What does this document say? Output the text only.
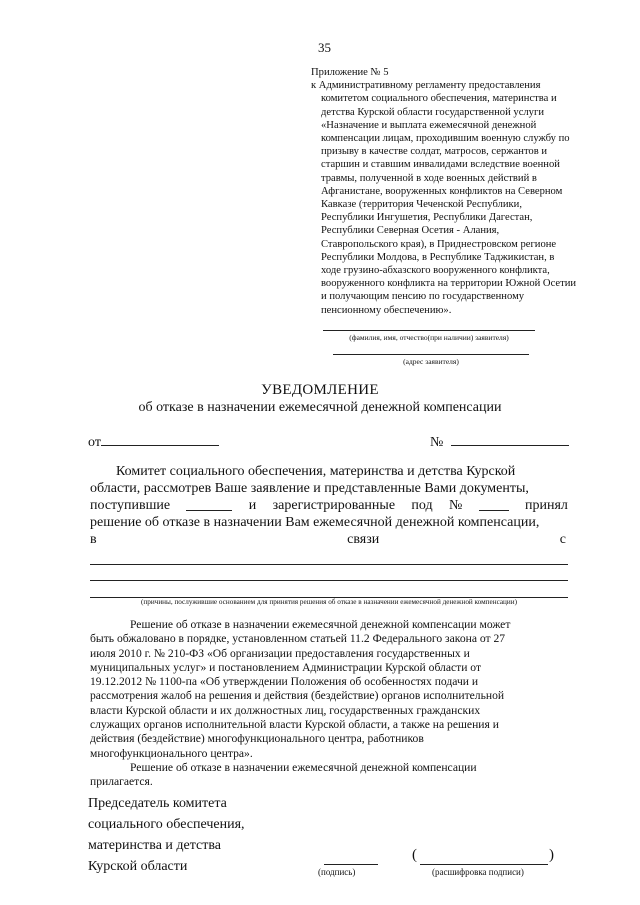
35
Приложение № 5
к Административному регламенту предоставления
комитетом социального обеспечения, материнства и
детства Курской области государственной услуги
«Назначение и выплата ежемесячной денежной
компенсации лицам, проходившим военную службу по
призыву в качестве солдат, матросов, сержантов и
старшин и ставшим инвалидами вследствие военной
травмы, полученной в ходе военных действий в
Афганистане, вооруженных конфликтов на Северном
Кавказе (территория Чеченской Республики,
Республики Ингушетия, Республики Дагестан,
Республики Северная Осетия - Алания,
Ставропольского края), в Приднестровском регионе
Республики Молдова, в Республике Таджикистан, в
ходе грузино-абхазского вооруженного конфликта,
вооруженного конфликта на территории Южной Осетии
и получающим пенсию по государственному
пенсионному обеспечению».
(фамилия, имя, отчество(при наличии) заявителя)
(адрес заявителя)
УВЕДОМЛЕНИЕ
об отказе в назначении ежемесячной денежной компенсации
от	№
Комитет социального обеспечения, материнства и детства Курской
области, рассмотрев Ваше заявление и представленные Вами документы,
поступившие	и зарегистрированные под №	принял
решение об отказе в назначении Вам ежемесячной денежной компенсации,
в	связи	с
(причины, послужившие основанием для принятия решения об отказе в назначении ежемесячной денежной компенсации)
Решение об отказе в назначении ежемесячной денежной компенсации может
быть обжаловано в порядке, установленном статьей 11.2 Федерального закона от 27
июля 2010 г. № 210-ФЗ «Об организации предоставления государственных и
муниципальных услуг» и постановлением Администрации Курской области от
19.12.2012 № 1100-па «Об утверждении Положения об особенностях подачи и
рассмотрения жалоб на решения и действия (бездействие) органов исполнительной
власти Курской области и их должностных лиц, государственных гражданских
служащих органов исполнительной власти Курской области, а также на решения и
действия (бездействие) многофункционального центра, работников
многофункционального центра».
Решение об отказе в назначении ежемесячной денежной компенсации
прилагается.
Председатель комитета
социального обеспечения,
материнства и детства
Курской области	(подпись)
(	)
(расшифровка подписи)
